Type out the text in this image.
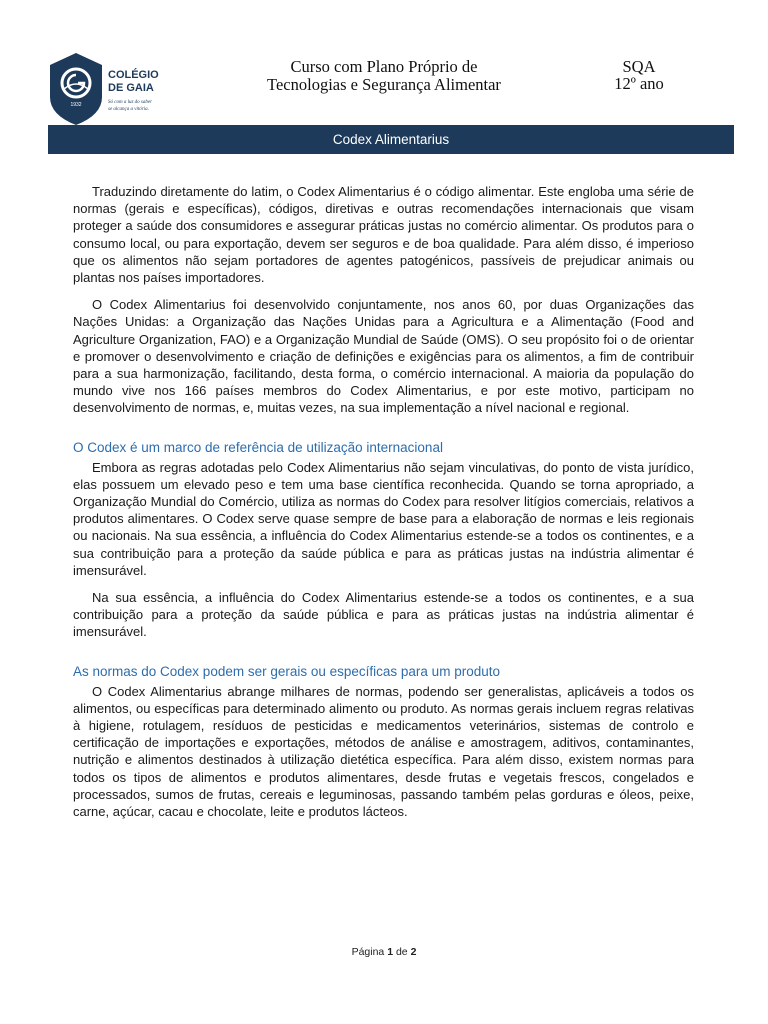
1932
COLÉGIO
DE GAIA
Só com a luz do saber
se alcança a vitória.
Curso com Plano Próprio de
Tecnologias e Segurança Alimentar
SQA
12º ano
Codex Alimentarius

Traduzindo diretamente do latim, o Codex Alimentarius é o código alimentar. Este engloba uma série de normas (gerais e específicas), códigos, diretivas e outras recomendações internacionais que visam proteger a saúde dos consumidores e assegurar práticas justas no comércio alimentar. Os produtos para o consumo local, ou para exportação, devem ser seguros e de boa qualidade. Para além disso, é imperioso que os alimentos não sejam portadores de agentes patogénicos, passíveis de prejudicar animais ou plantas nos países importadores.

O Codex Alimentarius foi desenvolvido conjuntamente, nos anos 60, por duas Organizações das Nações Unidas: a Organização das Nações Unidas para a Agricultura e a Alimentação (Food and Agriculture Organization, FAO) e a Organização Mundial de Saúde (OMS). O seu propósito foi o de orientar e promover o desenvolvimento e criação de definições e exigências para os alimentos, a fim de contribuir para a sua harmonização, facilitando, desta forma, o comércio internacional. A maioria da população do mundo vive nos 166 países membros do Codex Alimentarius, e por este motivo, participam no desenvolvimento de normas, e, muitas vezes, na sua implementação a nível nacional e regional.

O Codex é um marco de referência de utilização internacional

Embora as regras adotadas pelo Codex Alimentarius não sejam vinculativas, do ponto de vista jurídico, elas possuem um elevado peso e tem uma base científica reconhecida. Quando se torna apropriado, a Organização Mundial do Comércio, utiliza as normas do Codex para resolver litígios comerciais, relativos a produtos alimentares. O Codex serve quase sempre de base para a elaboração de normas e leis regionais ou nacionais. Na sua essência, a influência do Codex Alimentarius estende-se a todos os continentes, e a sua contribuição para a proteção da saúde pública e para as práticas justas na indústria alimentar é imensurável.

Na sua essência, a influência do Codex Alimentarius estende-se a todos os continentes, e a sua contribuição para a proteção da saúde pública e para as práticas justas na indústria alimentar é imensurável.

As normas do Codex podem ser gerais ou específicas para um produto

O Codex Alimentarius abrange milhares de normas, podendo ser generalistas, aplicáveis a todos os alimentos, ou específicas para determinado alimento ou produto. As normas gerais incluem regras relativas à higiene, rotulagem, resíduos de pesticidas e medicamentos veterinários, sistemas de controlo e certificação de importações e exportações, métodos de análise e amostragem, aditivos, contaminantes, nutrição e alimentos destinados à utilização dietética específica. Para além disso, existem normas para todos os tipos de alimentos e produtos alimentares, desde frutas e vegetais frescos, congelados e processados, sumos de frutas, cereais e leguminosas, passando também pelas gorduras e óleos, peixe, carne, açúcar, cacau e chocolate, leite e produtos lácteos.

Página 1 de 2
